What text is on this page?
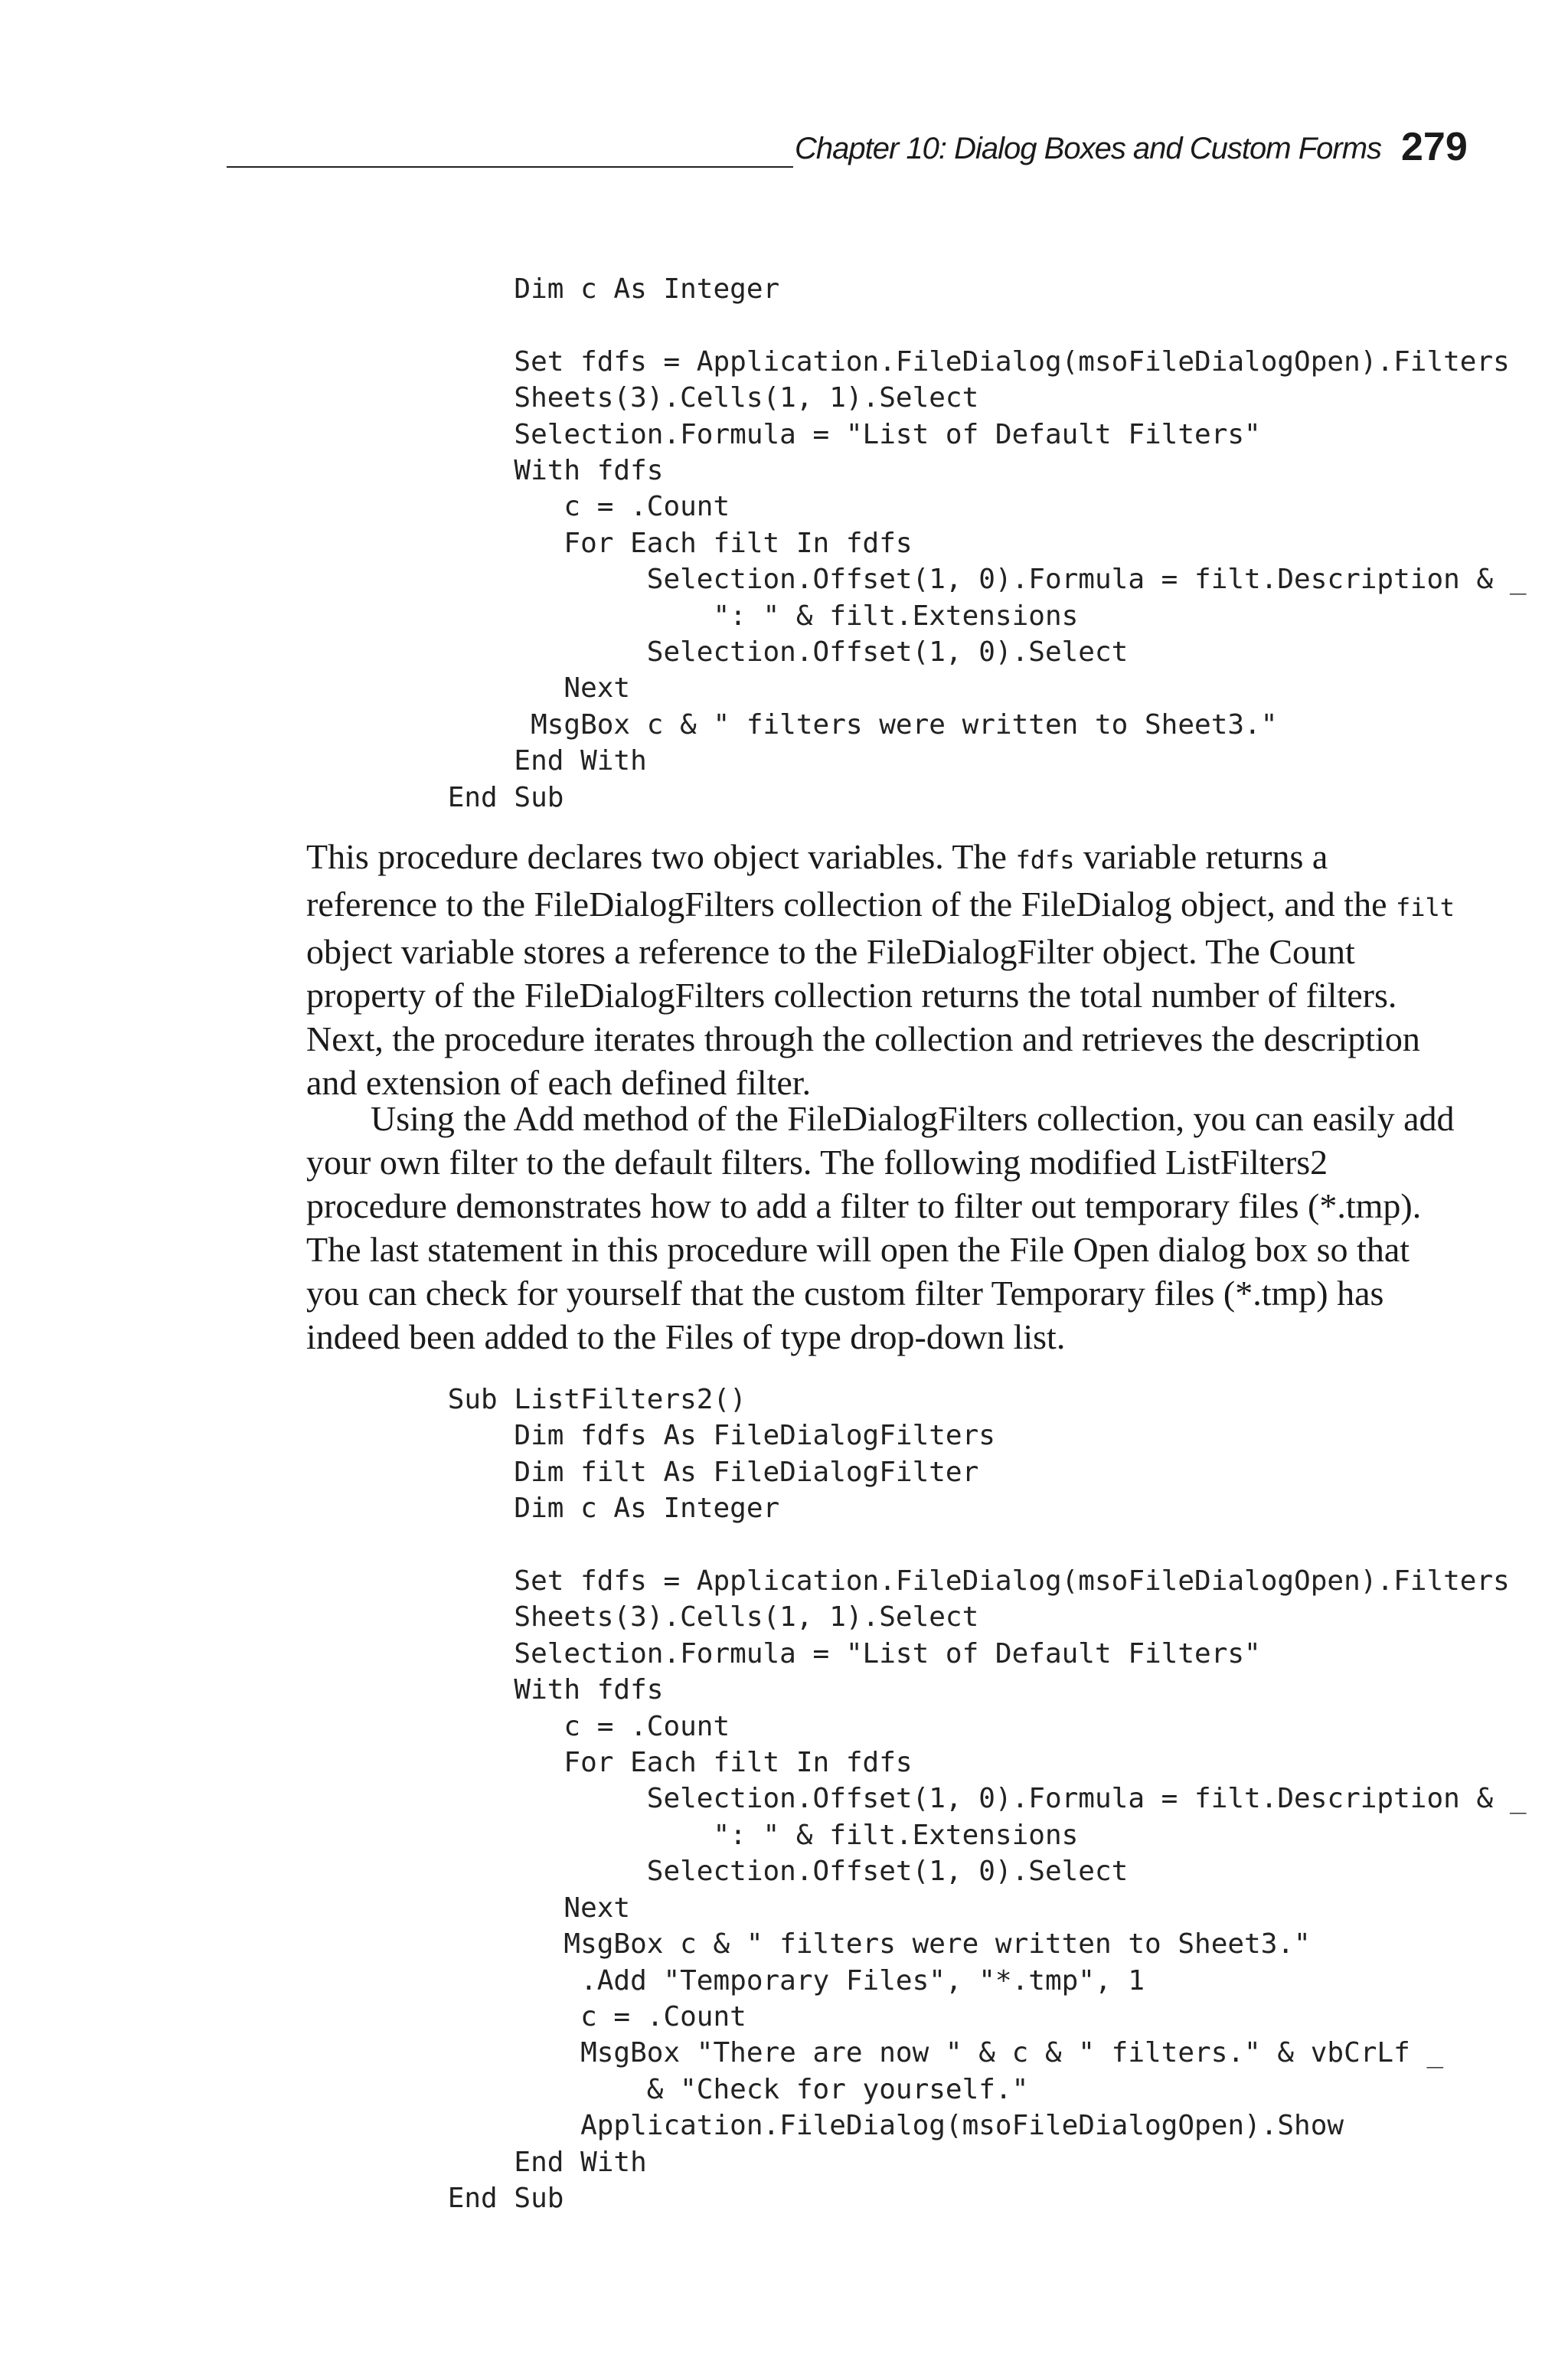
Chapter 10: Dialog Boxes and Custom Forms 279
Dim c As Integer

Set fdfs = Application.FileDialog(msoFileDialogOpen).Filters
Sheets(3).Cells(1, 1).Select
Selection.Formula = "List of Default Filters"
With fdfs
c = .Count
For Each filt In fdfs
Selection.Offset(1, 0).Formula = filt.Description & _
": " & filt.Extensions
Selection.Offset(1, 0).Select
Next
MsgBox c & " filters were written to Sheet3."
End With
End Sub

This procedure declares two object variables. The fdfs variable returns a reference to the FileDialogFilters collection of the FileDialog object, and the filt object variable stores a reference to the FileDialogFilter object. The Count property of the FileDialogFilters collection returns the total number of filters. Next, the procedure iterates through the collection and retrieves the description and extension of each defined filter.

Using the Add method of the FileDialogFilters collection, you can easily add your own filter to the default filters. The following modified ListFilters2 procedure demonstrates how to add a filter to filter out temporary files (*.tmp). The last statement in this procedure will open the File Open dialog box so that you can check for yourself that the custom filter Temporary files (*.tmp) has indeed been added to the Files of type drop-down list.

Sub ListFilters2()
Dim fdfs As FileDialogFilters
Dim filt As FileDialogFilter
Dim c As Integer

Set fdfs = Application.FileDialog(msoFileDialogOpen).Filters
Sheets(3).Cells(1, 1).Select
Selection.Formula = "List of Default Filters"
With fdfs
c = .Count
For Each filt In fdfs
Selection.Offset(1, 0).Formula = filt.Description & _
": " & filt.Extensions
Selection.Offset(1, 0).Select
Next
MsgBox c & " filters were written to Sheet3."
.Add "Temporary Files", "*.tmp", 1
c = .Count
MsgBox "There are now " & c & " filters." & vbCrLf _
& "Check for yourself."
Application.FileDialog(msoFileDialogOpen).Show
End With
End Sub
